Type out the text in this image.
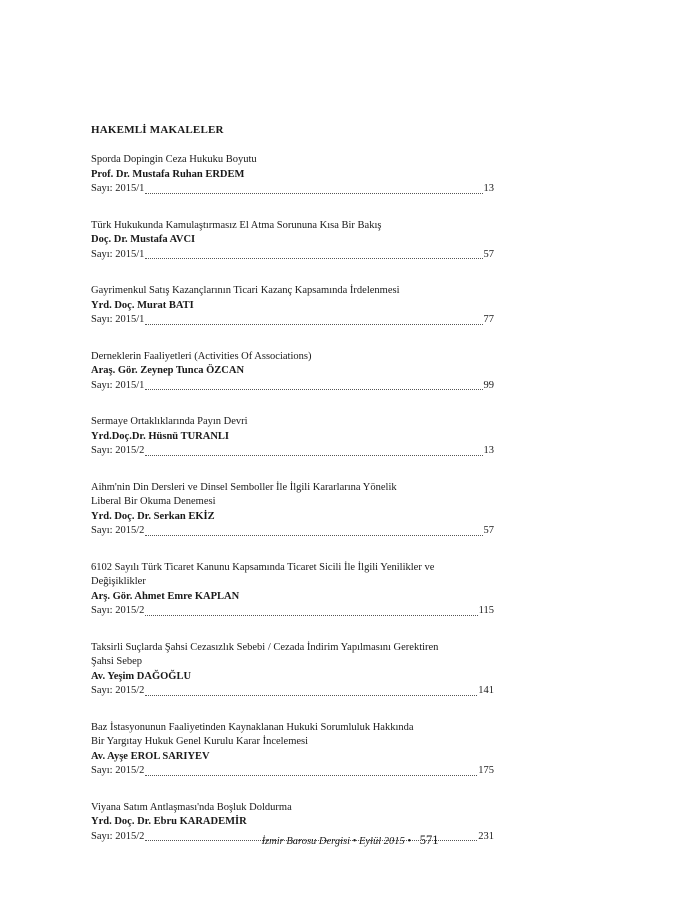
HAKEMLİ MAKALELER
Sporda Dopingin Ceza Hukuku Boyutu
Prof. Dr. Mustafa Ruhan ERDEM
Sayı: 2015/1	13
Türk Hukukunda Kamulaştırmasız El Atma Sorununa Kısa Bir Bakış
Doç. Dr. Mustafa AVCI
Sayı: 2015/1	57
Gayrimenkul Satış Kazançlarının Ticari Kazanç Kapsamında İrdelenmesi
Yrd. Doç. Murat BATI
Sayı: 2015/1	77
Derneklerin Faaliyetleri (Activities Of Associations)
Araş. Gör. Zeynep Tunca ÖZCAN
Sayı: 2015/1	99
Sermaye Ortaklıklarında Payın Devri
Yrd.Doç.Dr. Hüsnü TURANLI
Sayı: 2015/2	13
Aihm'nin Din Dersleri ve Dinsel Semboller İle İlgili Kararlarına Yönelik
Liberal Bir Okuma Denemesi
Yrd. Doç. Dr. Serkan EKİZ
Sayı: 2015/2	57
6102 Sayılı Türk Ticaret Kanunu Kapsamında Ticaret Sicili İle İlgili Yenilikler ve
Değişiklikler
Arş. Gör. Ahmet Emre KAPLAN
Sayı: 2015/2	115
Taksirli Suçlarda Şahsi Cezasızlık Sebebi / Cezada İndirim Yapılmasını Gerektiren
Şahsi Sebep
Av. Yeşim DAĞOĞLU
Sayı: 2015/2	141
Baz İstasyonunun Faaliyetinden Kaynaklanan Hukuki Sorumluluk Hakkında
Bir Yargıtay Hukuk Genel Kurulu Karar İncelemesi
Av. Ayşe EROL SARIYEV
Sayı: 2015/2	175
Viyana Satım Antlaşması'nda Boşluk Doldurma
Yrd. Doç. Dr. Ebru KARADEMİR
Sayı: 2015/2	231
İzmir Barosu Dergisi • Eylül 2015 • 571
